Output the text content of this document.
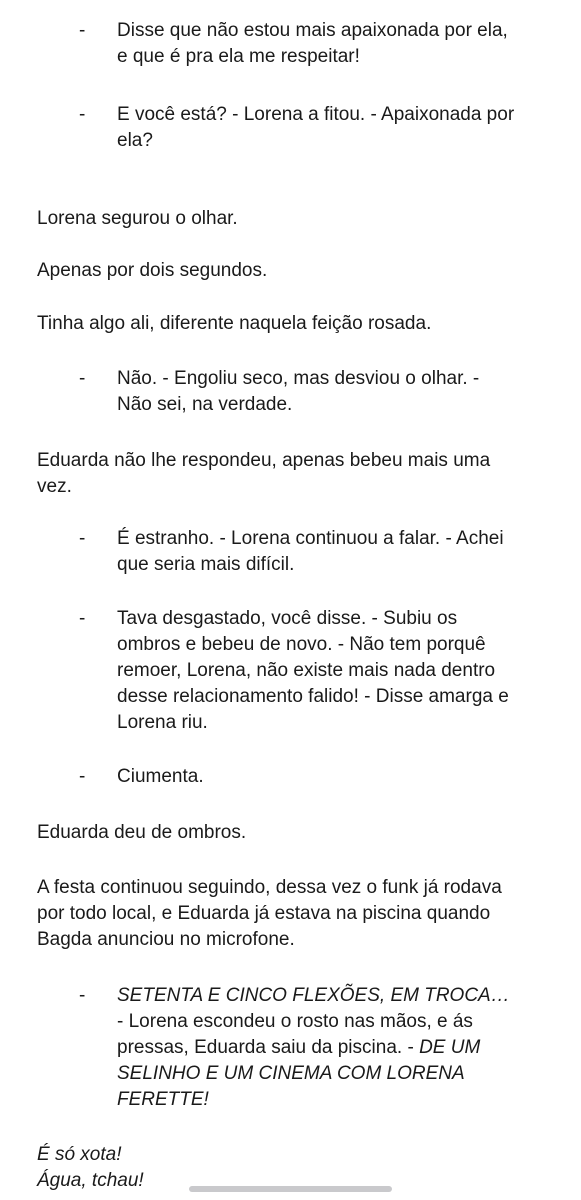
- Disse que não estou mais apaixonada por ela,
e que é pra ela me respeitar!
- E você está? - Lorena a fitou. - Apaixonada por
ela?
Lorena segurou o olhar.
Apenas por dois segundos.
Tinha algo ali, diferente naquela feição rosada.
- Não. - Engoliu seco, mas desviou o olhar. -
Não sei, na verdade.
Eduarda não lhe respondeu, apenas bebeu mais uma
vez.
- É estranho. - Lorena continuou a falar. - Achei
que seria mais difícil.
- Tava desgastado, você disse. - Subiu os
ombros e bebeu de novo. - Não tem porquê
remoer, Lorena, não existe mais nada dentro
desse relacionamento falido! - Disse amarga e
Lorena riu.
- Ciumenta.
Eduarda deu de ombros.
A festa continuou seguindo, dessa vez o funk já rodava
por todo local, e Eduarda já estava na piscina quando
Bagda anunciou no microfone.
- SETENTA E CINCO FLEXÕES, EM TROCA…
- Lorena escondeu o rosto nas mãos, e ás
pressas, Eduarda saiu da piscina. - DE UM
SELINHO E UM CINEMA COM LORENA
FERETTE!
É só xota!
Água, tchau!
